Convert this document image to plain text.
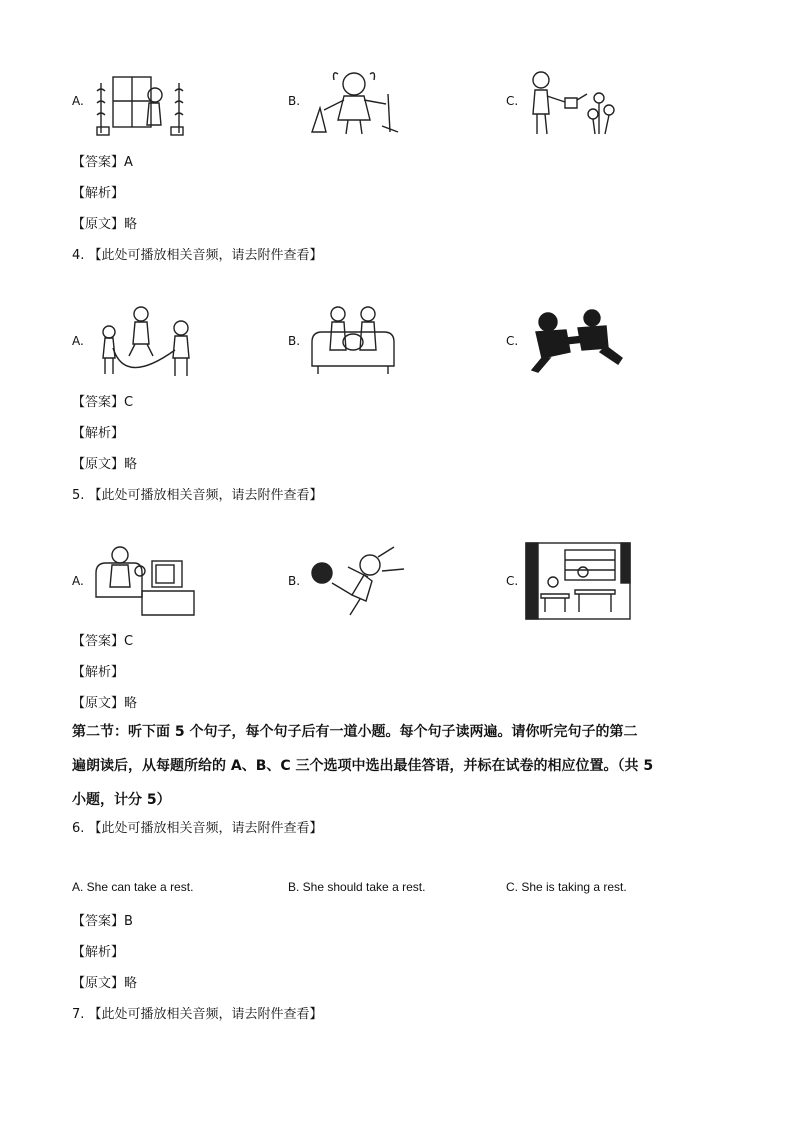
A.	B.	C.
【答案】A
【解析】
【原文】略
4. 【此处可播放相关音频，请去附件查看】
A.	B.	C.
【答案】C
【解析】
【原文】略
5. 【此处可播放相关音频，请去附件查看】
A.	B.	C.
【答案】C
【解析】
【原文】略
第二节：听下面 5 个句子，每个句子后有一道小题。每个句子读两遍。请你听完句子的第二
遍朗读后，从每题所给的 A、B、C 三个选项中选出最佳答语，并标在试卷的相应位置。（共 5
小题，计分 5）
6. 【此处可播放相关音频，请去附件查看】
A. She can take a rest.	B. She should take a rest.	C. She is taking a rest.
【答案】B
【解析】
【原文】略
7. 【此处可播放相关音频，请去附件查看】
